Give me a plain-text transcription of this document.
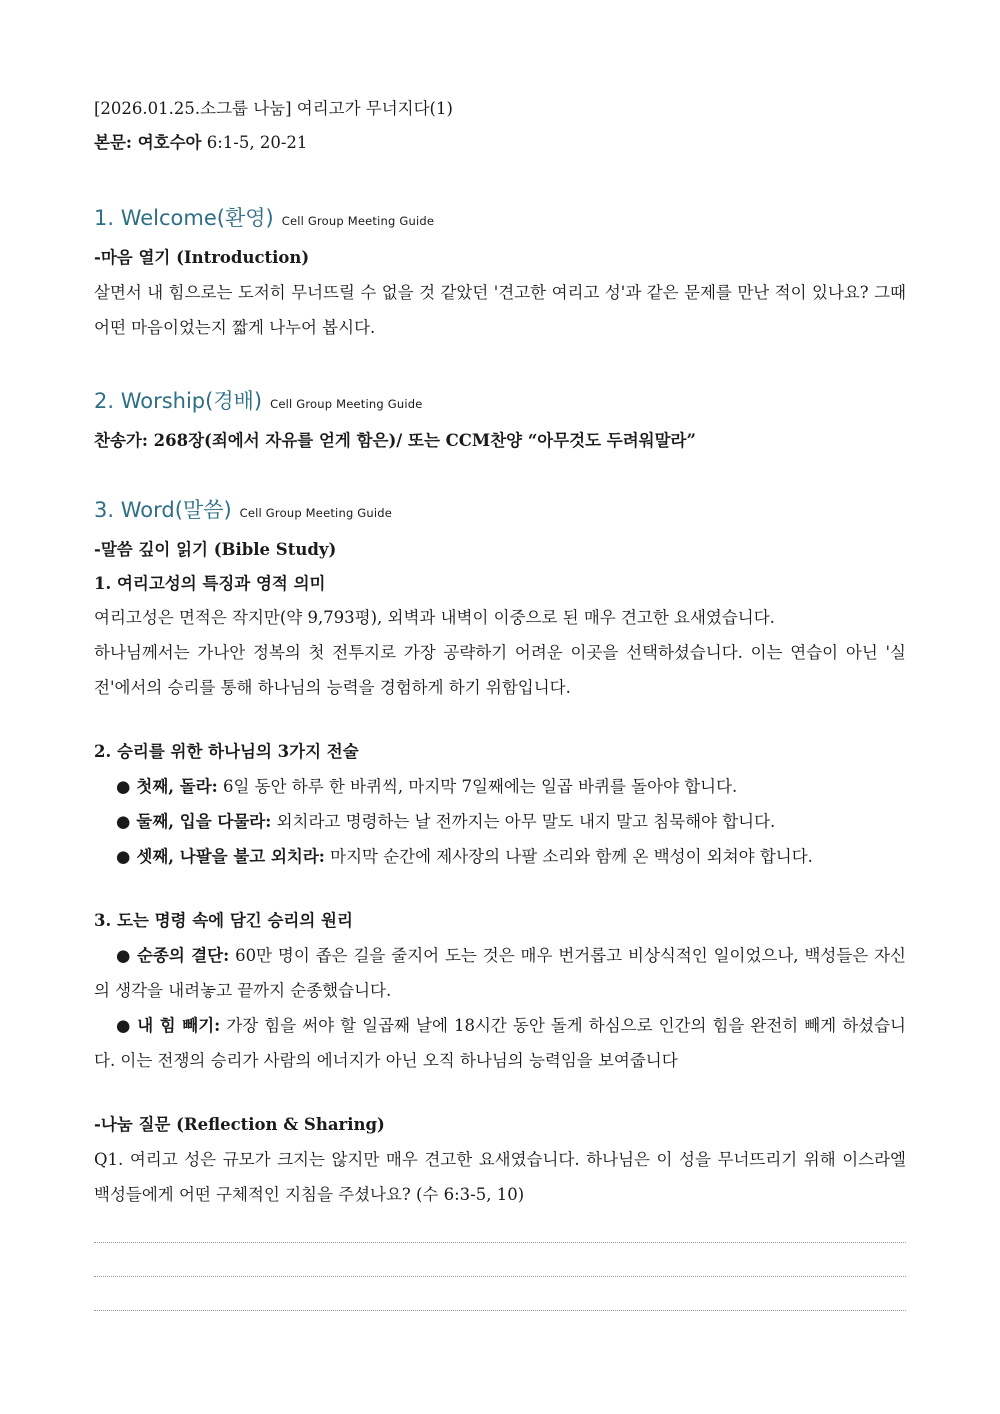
[2026.01.25.소그룹 나눔] 여리고가 무너지다(1)
본문: 여호수아 6:1-5, 20-21
1. Welcome(환영) Cell Group Meeting Guide
-마음 열기 (Introduction)
살면서 내 힘으로는 도저히 무너뜨릴 수 없을 것 같았던 '견고한 여리고 성'과 같은 문제를 만난 적이 있나요? 그때 어떤 마음이었는지 짧게 나누어 봅시다.
2. Worship(경배) Cell Group Meeting Guide
찬송가: 268장(죄에서 자유를 얻게 함은)/ 또는 CCM찬양 “아무것도 두려워말라”
3. Word(말씀) Cell Group Meeting Guide
-말씀 깊이 읽기 (Bible Study)
1. 여리고성의 특징과 영적 의미
여리고성은 면적은 작지만(약 9,793평), 외벽과 내벽이 이중으로 된 매우 견고한 요새였습니다.
하나님께서는 가나안 정복의 첫 전투지로 가장 공략하기 어려운 이곳을 선택하셨습니다. 이는 연습이 아닌 '실전'에서의 승리를 통해 하나님의 능력을 경험하게 하기 위함입니다.
2. 승리를 위한 하나님의 3가지 전술
● 첫째, 돌라: 6일 동안 하루 한 바퀴씩, 마지막 7일째에는 일곱 바퀴를 돌아야 합니다.
● 둘째, 입을 다물라: 외치라고 명령하는 날 전까지는 아무 말도 내지 말고 침묵해야 합니다.
● 셋째, 나팔을 불고 외치라: 마지막 순간에 제사장의 나팔 소리와 함께 온 백성이 외쳐야 합니다.
3. 도는 명령 속에 담긴 승리의 원리
● 순종의 결단: 60만 명이 좁은 길을 줄지어 도는 것은 매우 번거롭고 비상식적인 일이었으나, 백성들은 자신의 생각을 내려놓고 끝까지 순종했습니다.
● 내 힘 빼기: 가장 힘을 써야 할 일곱째 날에 18시간 동안 돌게 하심으로 인간의 힘을 완전히 빼게 하셨습니다. 이는 전쟁의 승리가 사람의 에너지가 아닌 오직 하나님의 능력임을 보여줍니다
-나눔 질문 (Reflection & Sharing)
Q1. 여리고 성은 규모가 크지는 않지만 매우 견고한 요새였습니다. 하나님은 이 성을 무너뜨리기 위해 이스라엘 백성들에게 어떤 구체적인 지침을 주셨나요? (수 6:3-5, 10)
